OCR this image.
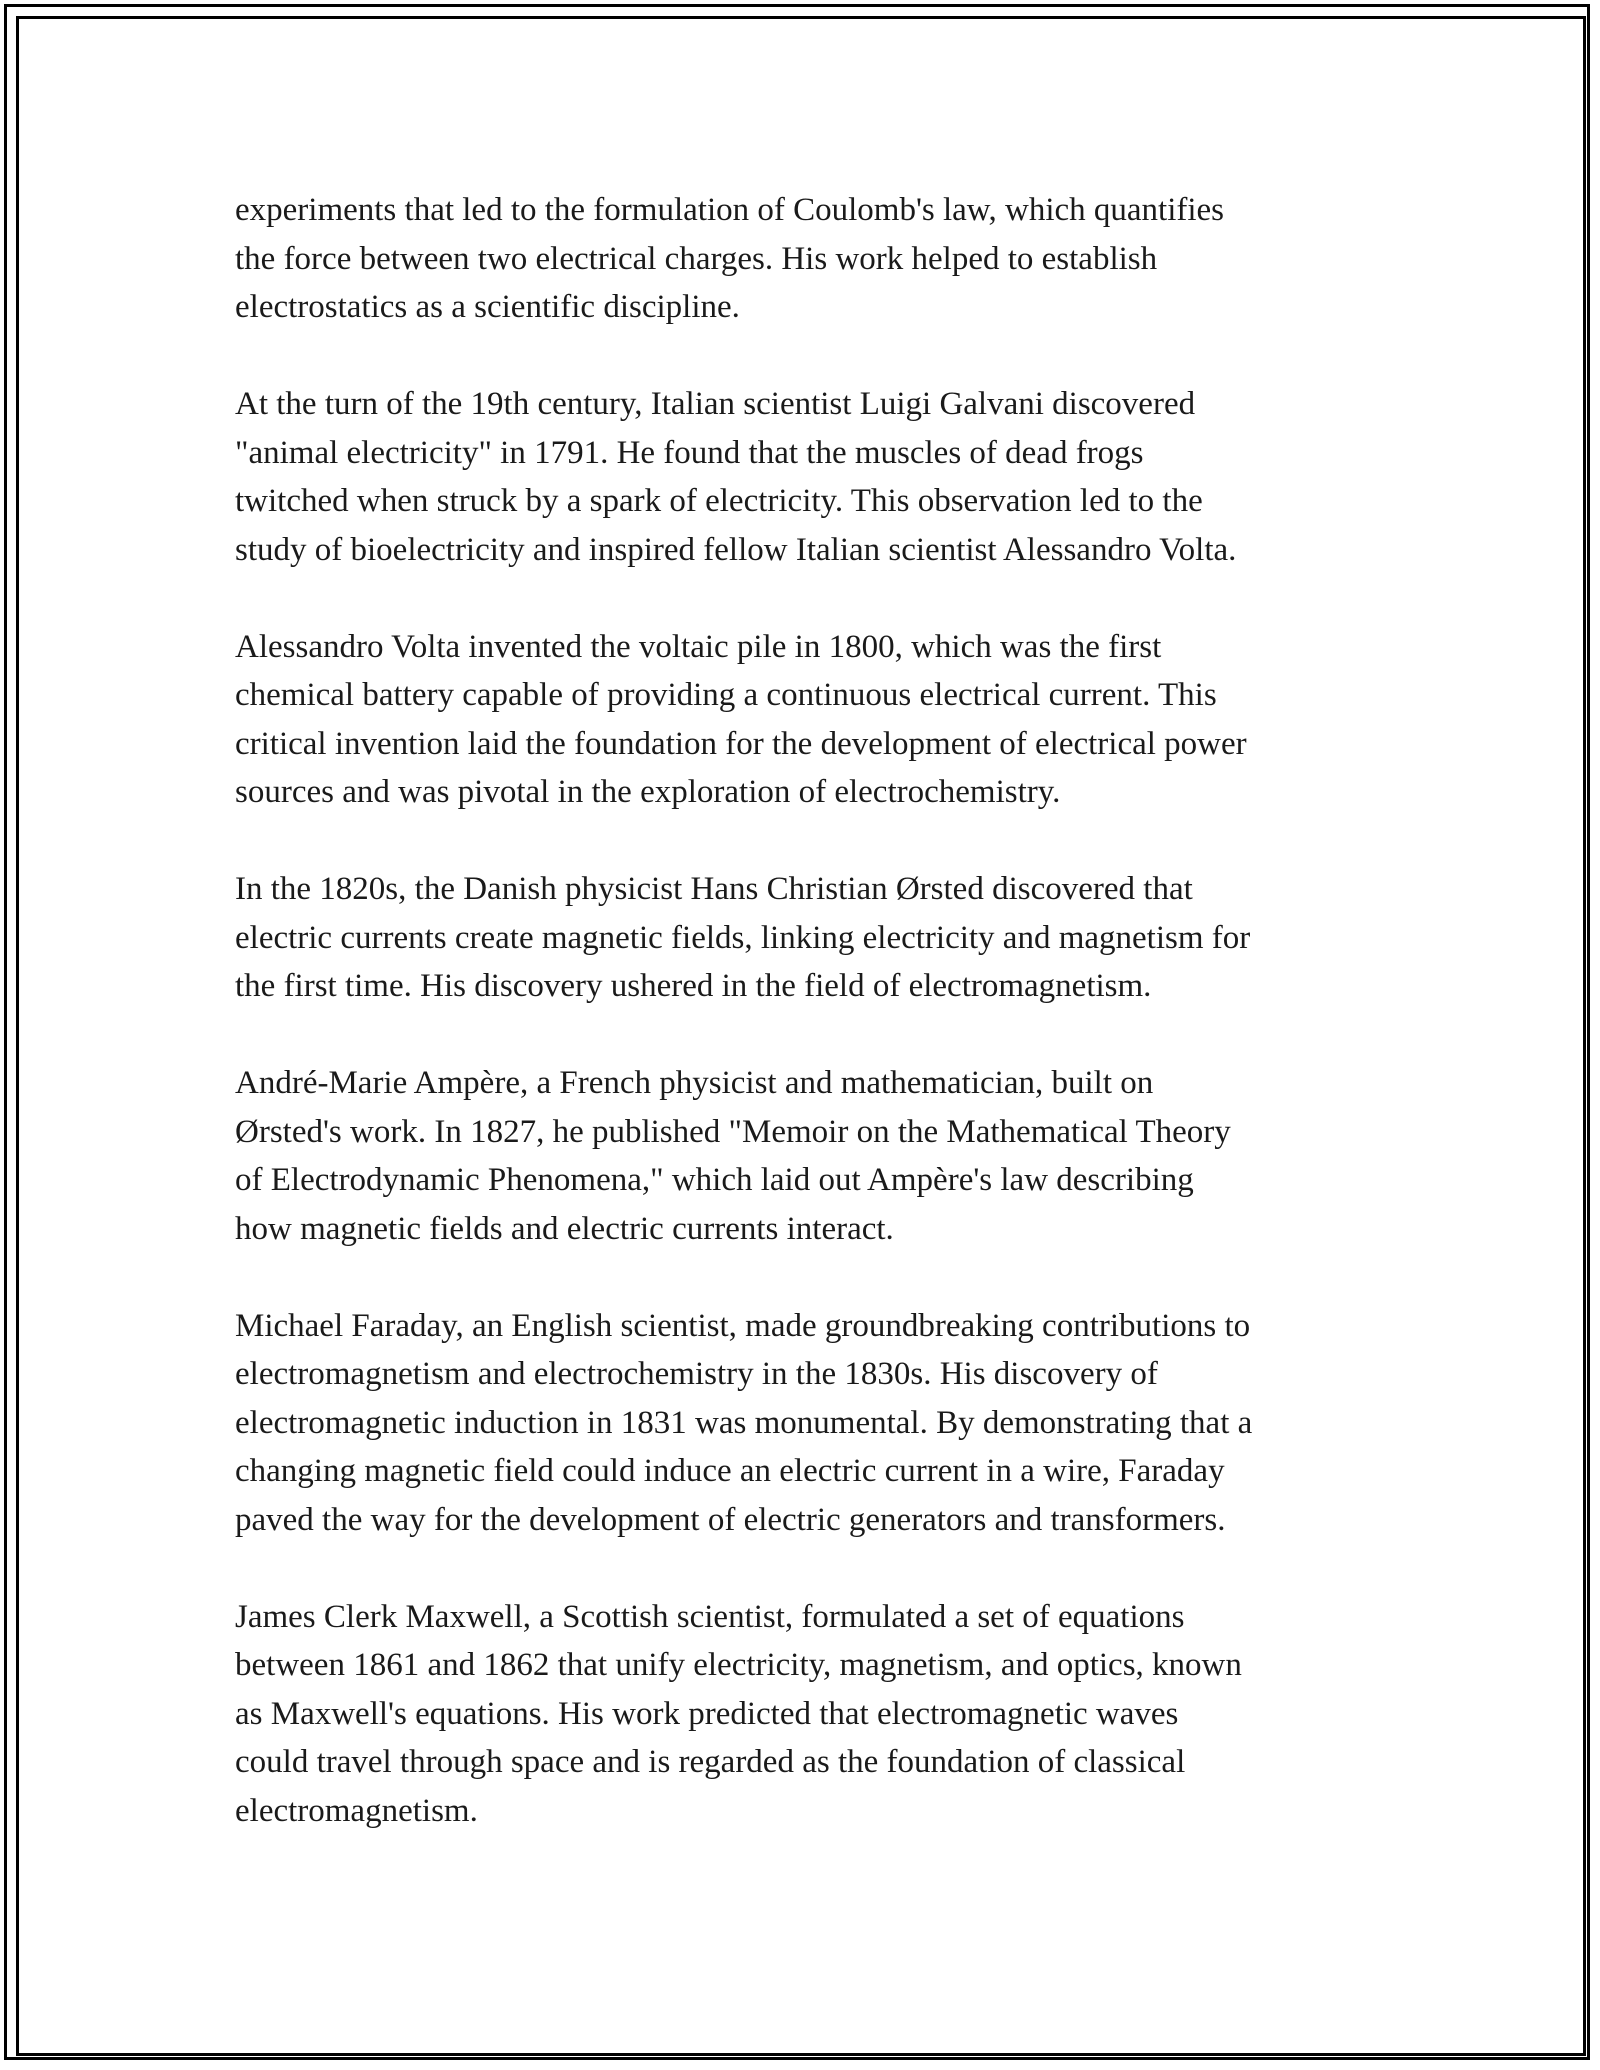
experiments that led to the formulation of Coulomb's law, which quantifies
the force between two electrical charges. His work helped to establish
electrostatics as a scientific discipline.

At the turn of the 19th century, Italian scientist Luigi Galvani discovered
"animal electricity" in 1791. He found that the muscles of dead frogs
twitched when struck by a spark of electricity. This observation led to the
study of bioelectricity and inspired fellow Italian scientist Alessandro Volta.

Alessandro Volta invented the voltaic pile in 1800, which was the first
chemical battery capable of providing a continuous electrical current. This
critical invention laid the foundation for the development of electrical power
sources and was pivotal in the exploration of electrochemistry.

In the 1820s, the Danish physicist Hans Christian Ørsted discovered that
electric currents create magnetic fields, linking electricity and magnetism for
the first time. His discovery ushered in the field of electromagnetism.

André-Marie Ampère, a French physicist and mathematician, built on
Ørsted's work. In 1827, he published "Memoir on the Mathematical Theory
of Electrodynamic Phenomena," which laid out Ampère's law describing
how magnetic fields and electric currents interact.

Michael Faraday, an English scientist, made groundbreaking contributions to
electromagnetism and electrochemistry in the 1830s. His discovery of
electromagnetic induction in 1831 was monumental. By demonstrating that a
changing magnetic field could induce an electric current in a wire, Faraday
paved the way for the development of electric generators and transformers.

James Clerk Maxwell, a Scottish scientist, formulated a set of equations
between 1861 and 1862 that unify electricity, magnetism, and optics, known
as Maxwell's equations. His work predicted that electromagnetic waves
could travel through space and is regarded as the foundation of classical
electromagnetism.
